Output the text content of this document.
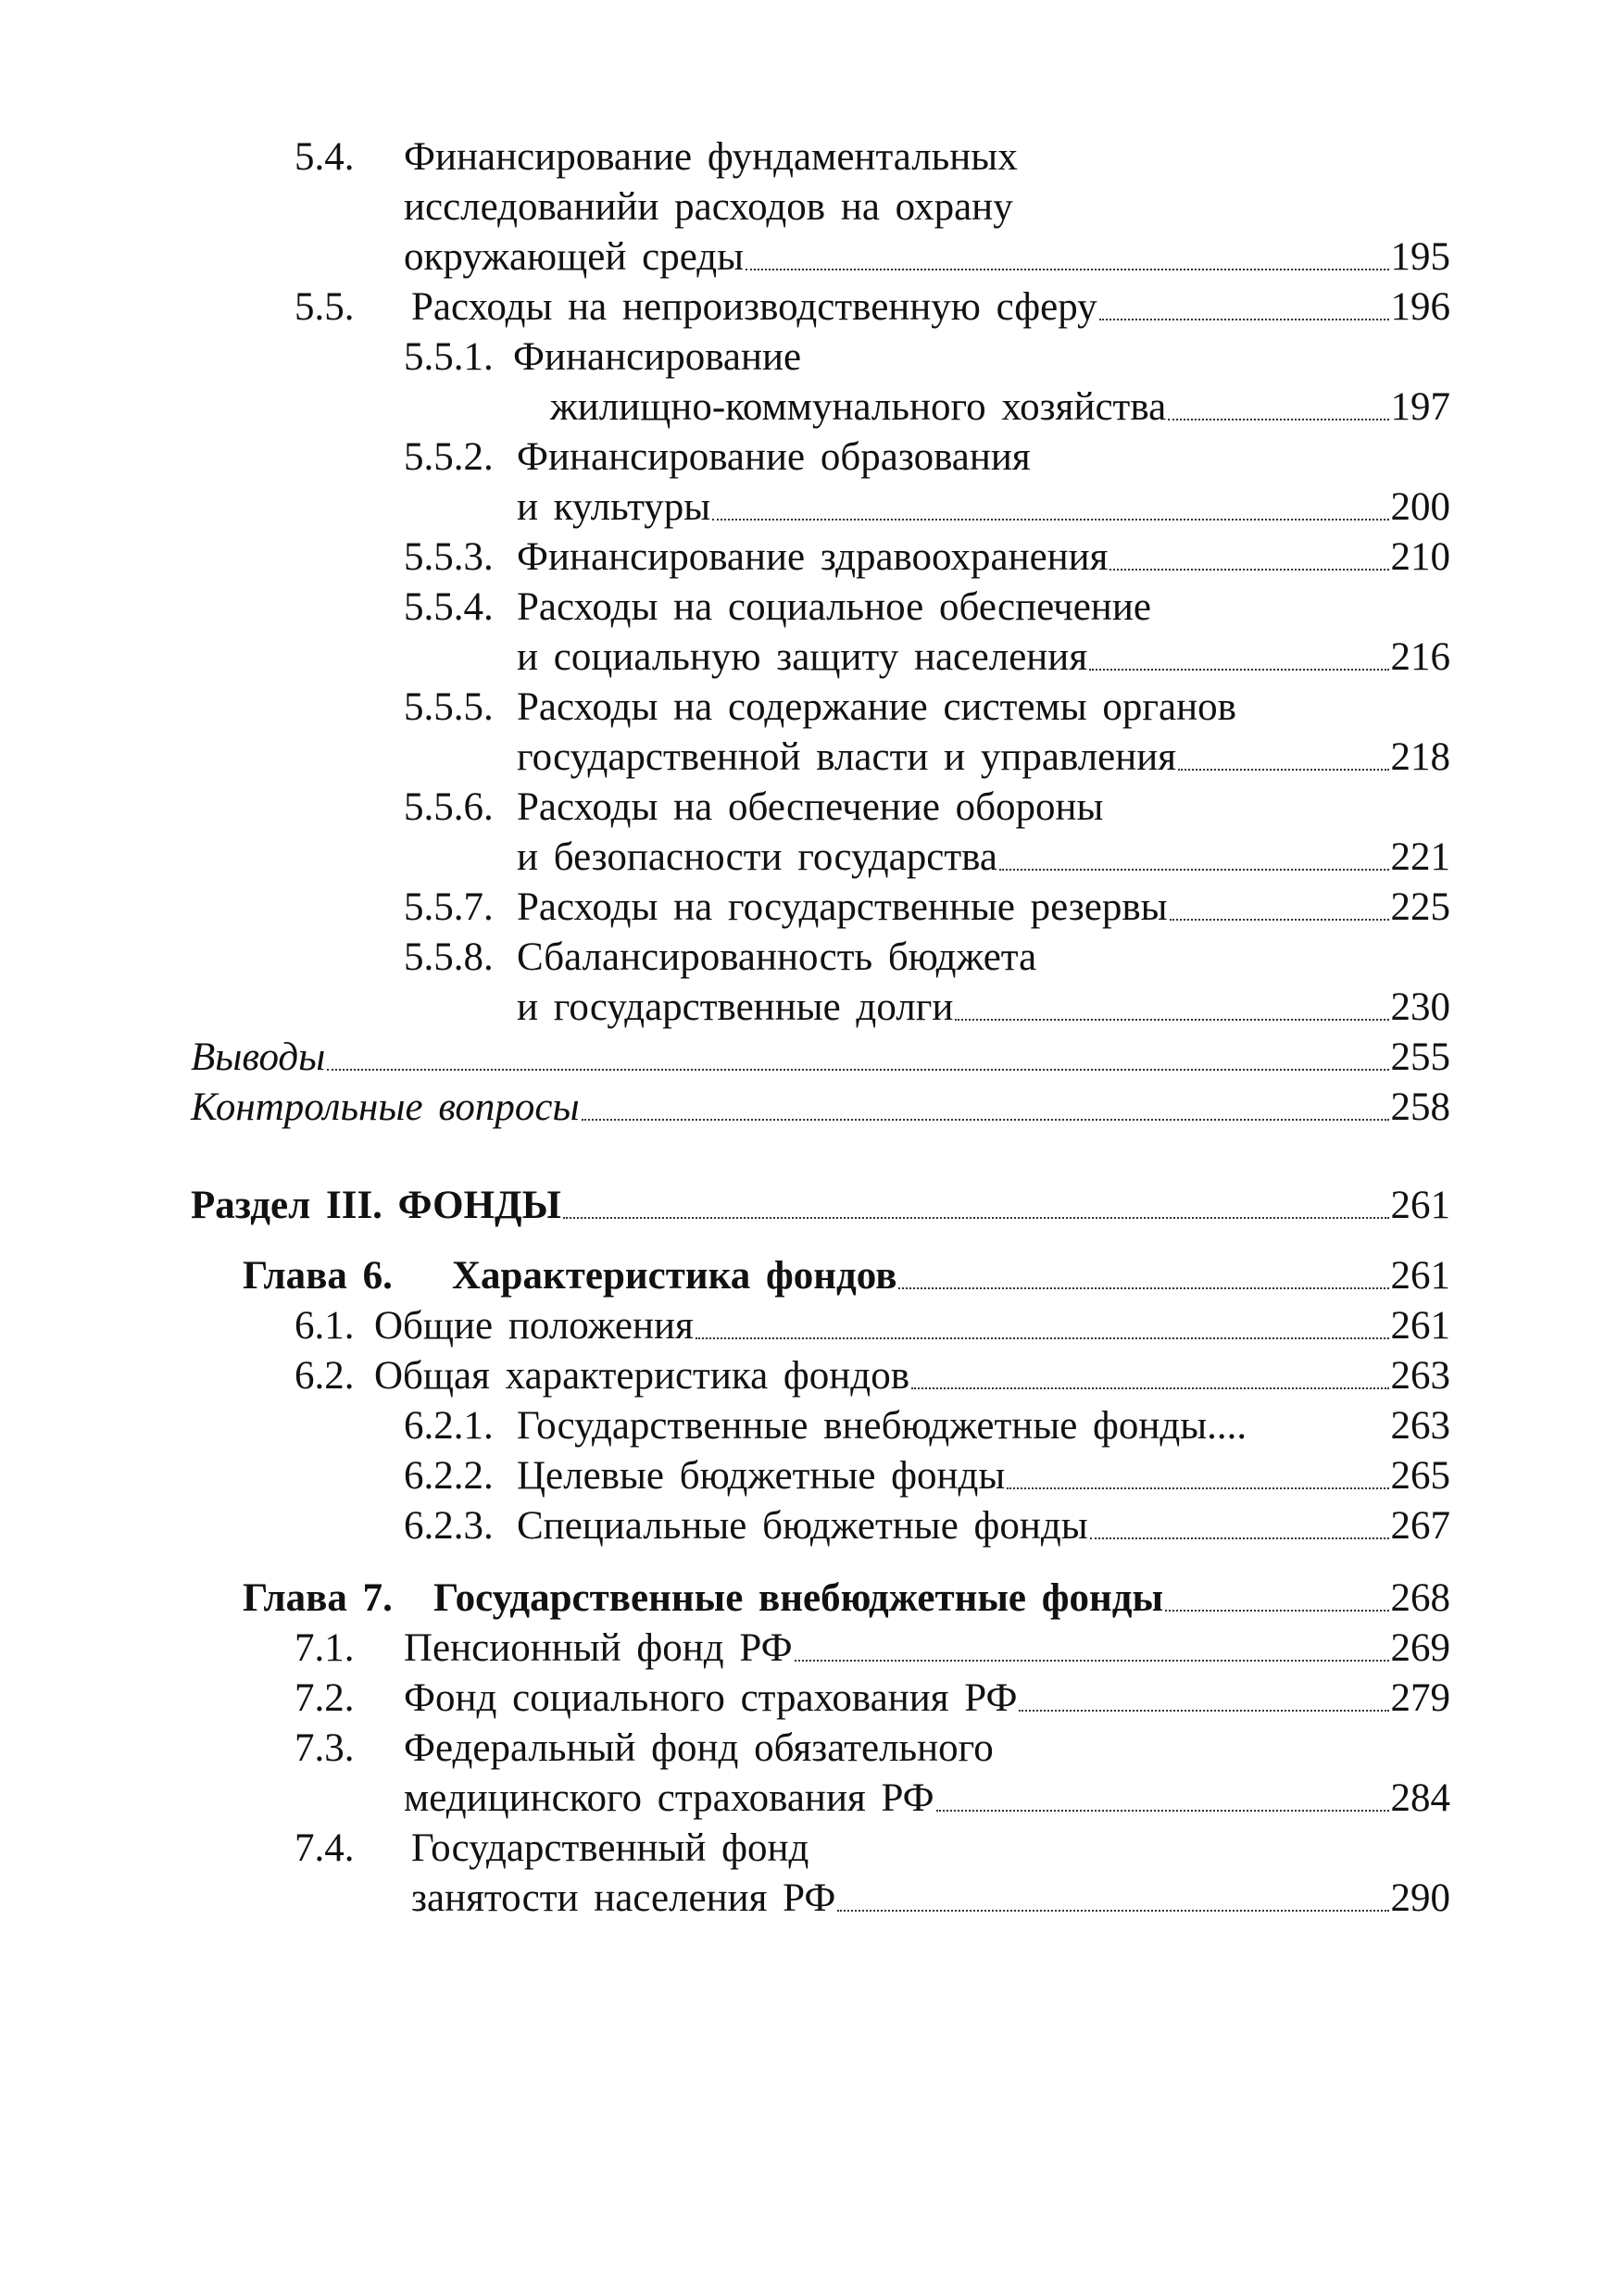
5.4.	Финансирование фундаментальных
исследованийи расходов на охрану
окружающей среды	195
5.5.	Расходы на непроизводственную сферу	196
5.5.1. Финансирование
жилищно-коммунального хозяйства	197
5.5.2. Финансирование образования
и культуры	200
5.5.3. Финансирование здравоохранения	210
5.5.4. Расходы на социальное обеспечение
и социальную защиту населения	216
5.5.5. Расходы на содержание системы органов
государственной власти и управления	218
5.5.6. Расходы на обеспечение обороны
и безопасности государства	221
5.5.7. Расходы на государственные резервы	225
5.5.8. Сбалансированность бюджета
и государственные долги	230
Выводы	255
Контрольные вопросы	258
Раздел III. ФОНДЫ	261
Глава 6.	Характеристика фондов	261
6.1. Общие положения	261
6.2. Общая характеристика фондов	263
6.2.1. Государственные внебюджетные фонды....	263
6.2.2. Целевые бюджетные фонды	265
6.2.3. Специальные бюджетные фонды	267
Глава 7.	Государственные внебюджетные фонды	268
7.1.	Пенсионный фонд РФ	269
7.2.	Фонд социального страхования РФ	279
7.3.	Федеральный фонд обязательного
медицинского страхования РФ	284
7.4.	Государственный фонд
занятости населения РФ	290
